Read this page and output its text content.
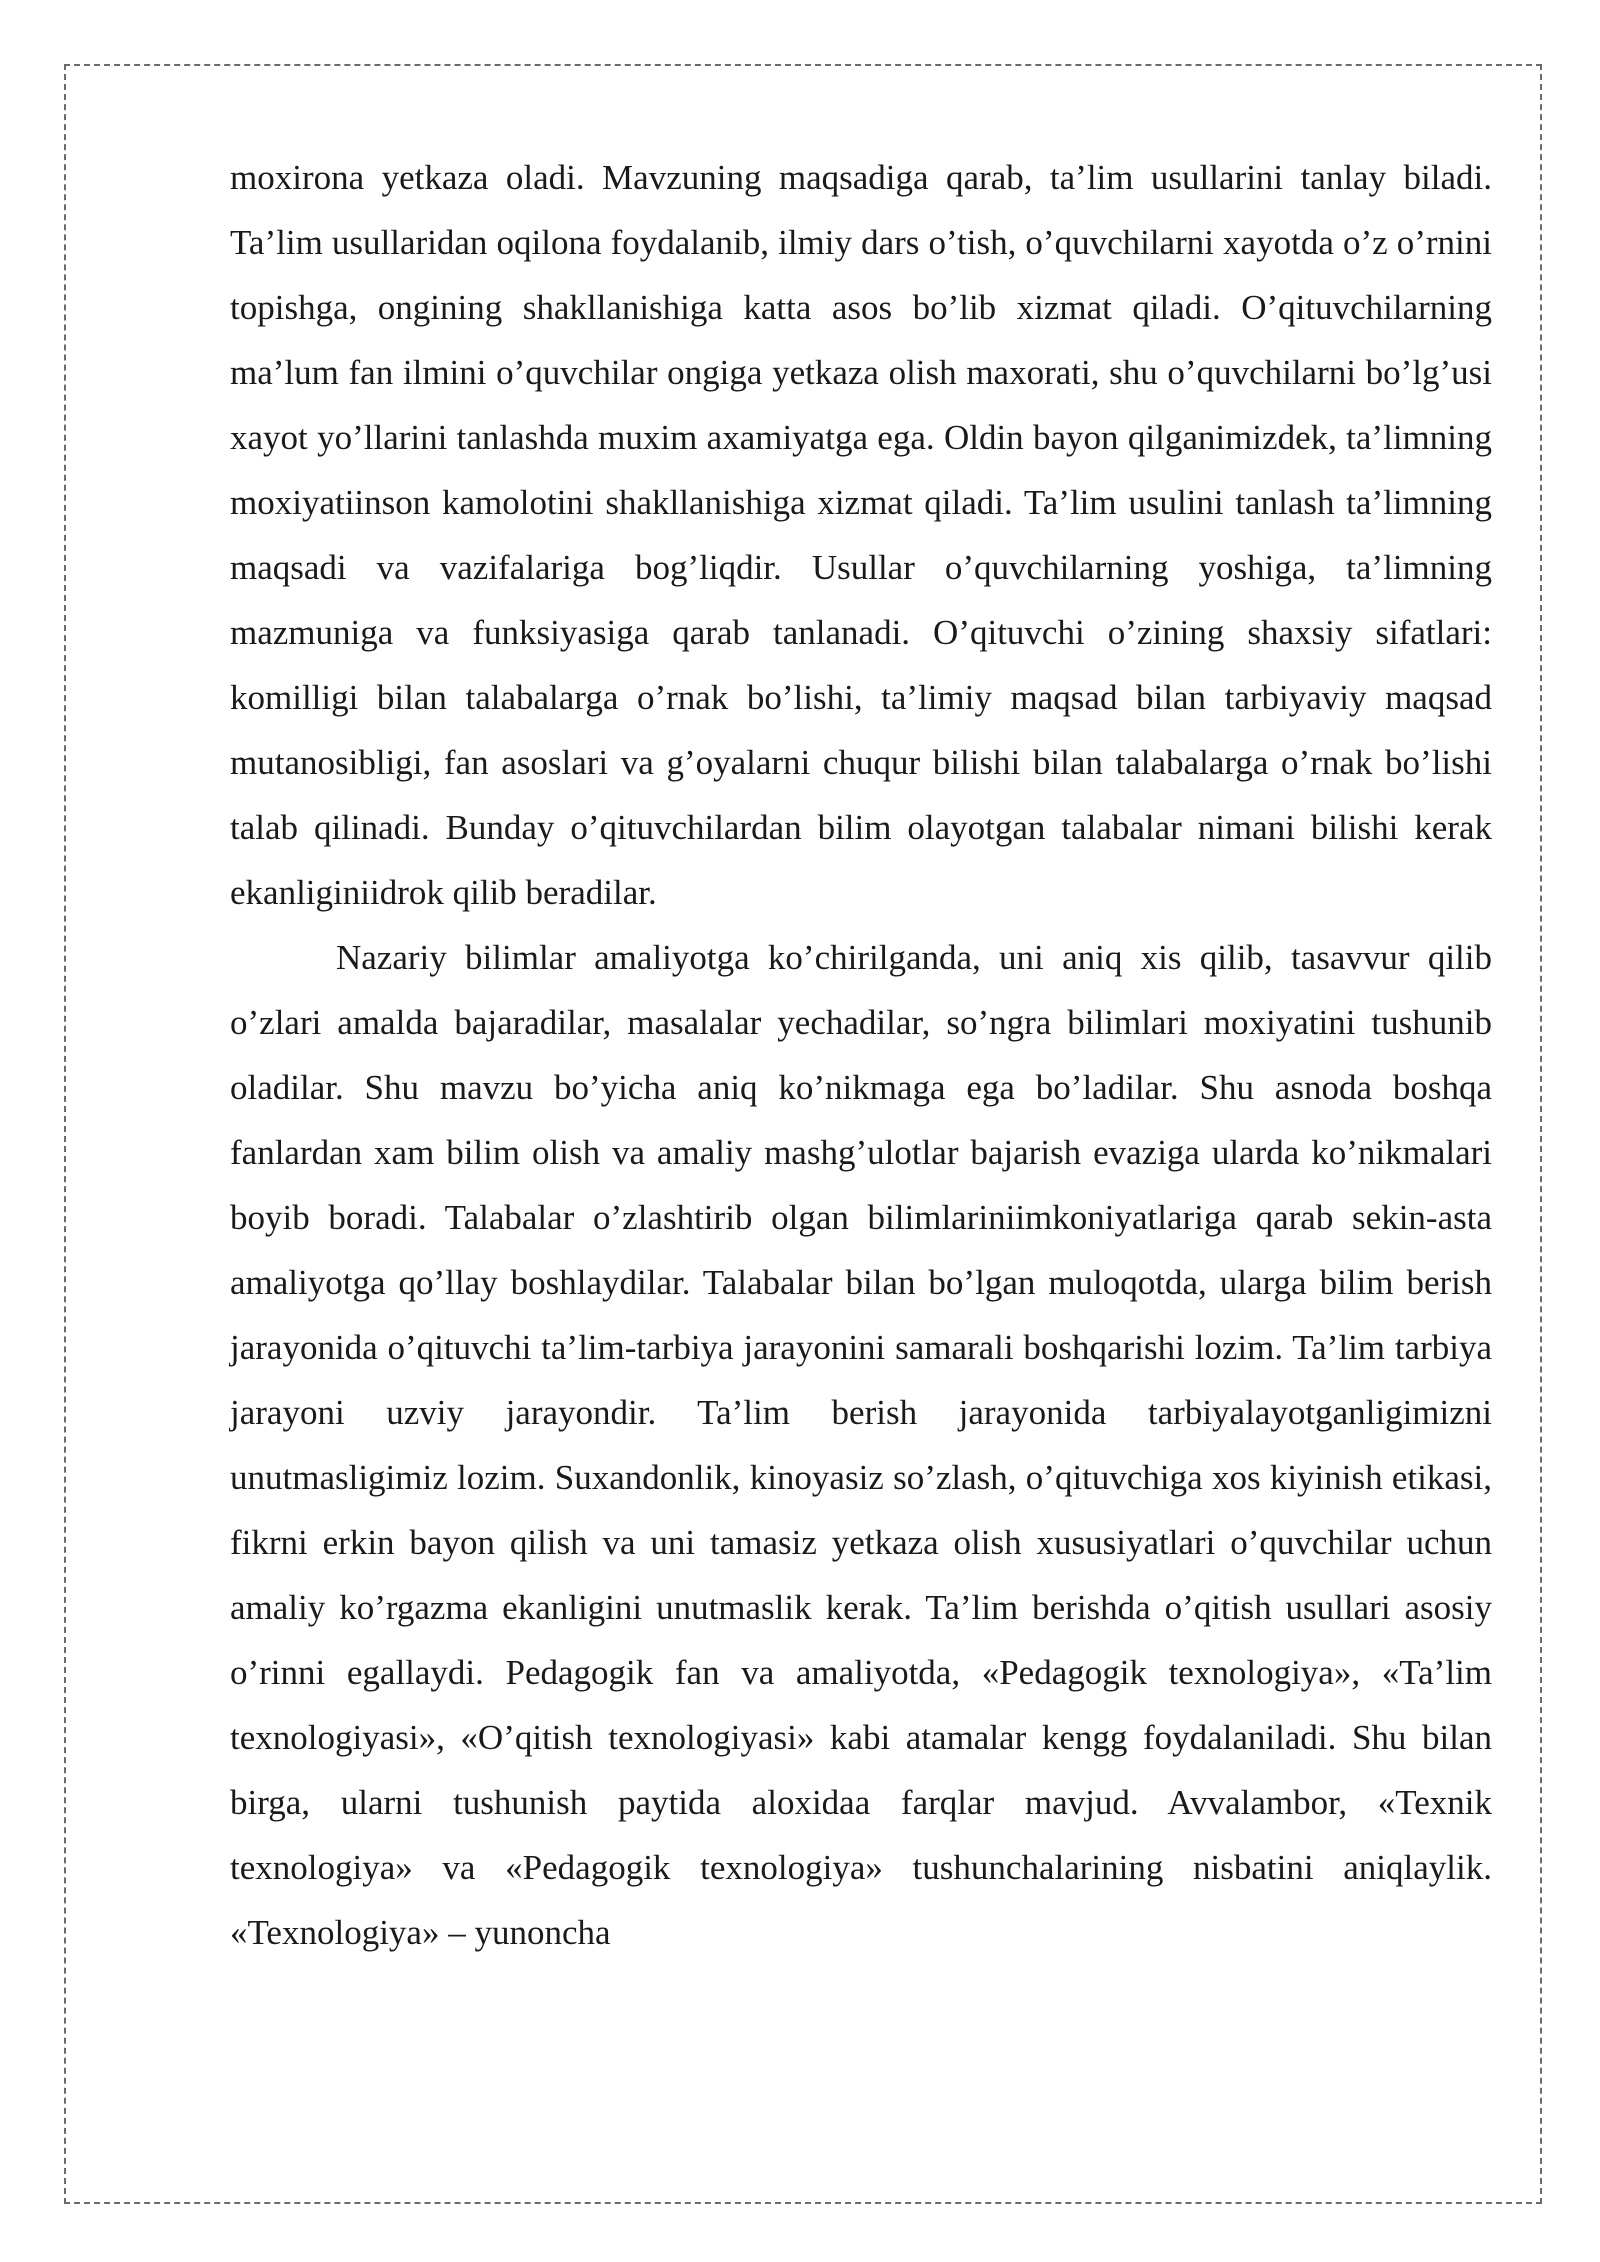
moxirona yetkaza oladi. Mavzuning maqsadiga qarab, ta’lim usullarini tanlay biladi. Ta’lim usullaridan oqilona foydalanib, ilmiy dars o’tish, o’quvchilarni xayotda o’z o’rnini topishga, ongining shakllanishiga katta asos bo’lib xizmat qiladi. O’qituvchilarning ma’lum fan ilmini o’quvchilar ongiga yetkaza olish maxorati, shu o’quvchilarni bo’lg’usi xayot yo’llarini tanlashda muxim axamiyatga ega. Oldin bayon qilganimizdek, ta’limning moxiyatiinson kamolotini shakllanishiga xizmat qiladi. Ta’lim usulini tanlash ta’limning maqsadi va vazifalariga bog’liqdir. Usullar o’quvchilarning yoshiga, ta’limning mazmuniga va funksiyasiga qarab tanlanadi. O’qituvchi o’zining shaxsiy sifatlari: komilligi bilan talabalarga o’rnak bo’lishi, ta’limiy maqsad bilan tarbiyaviy maqsad mutanosibligi, fan asoslari va g’oyalarni chuqur bilishi bilan talabalarga o’rnak bo’lishi talab qilinadi. Bunday o’qituvchilardan bilim olayotgan talabalar nimani bilishi kerak ekanliginiidrok qilib beradilar.

Nazariy bilimlar amaliyotga ko’chirilganda, uni aniq xis qilib, tasavvur qilib o’zlari amalda bajaradilar, masalalar yechadilar, so’ngra bilimlari moxiyatini tushunib oladilar. Shu mavzu bo’yicha aniq ko’nikmaga ega bo’ladilar. Shu asnoda boshqa fanlardan xam bilim olish va amaliy mashg’ulotlar bajarish evaziga ularda ko’nikmalari boyib boradi. Talabalar o’zlashtirib olgan bilimlariniimkoniyatlariga qarab sekin-asta amaliyotga qo’llay boshlaydilar. Talabalar bilan bo’lgan muloqotda, ularga bilim berish jarayonida o’qituvchi ta’lim-tarbiya jarayonini samarali boshqarishi lozim. Ta’lim tarbiya jarayoni uzviy jarayondir. Ta’lim berish jarayonida tarbiyalayotganligimizni unutmasligimiz lozim. Suxandonlik, kinoyasiz so’zlash, o’qituvchiga xos kiyinish etikasi, fikrni erkin bayon qilish va uni tamasiz yetkaza olish xususiyatlari o’quvchilar uchun amaliy ko’rgazma ekanligini unutmaslik kerak. Ta’lim berishda o’qitish usullari asosiy o’rinni egallaydi. Pedagogik fan va amaliyotda, «Pedagogik texnologiya», «Ta’lim texnologiyasi», «O’qitish texnologiyasi» kabi atamalar kengg foydalaniladi. Shu bilan birga, ularni tushunish paytida aloxidaa farqlar mavjud. Avvalambor, «Texnik texnologiya» va «Pedagogik texnologiya» tushunchalarining nisbatini aniqlaylik. «Texnologiya» – yunoncha
